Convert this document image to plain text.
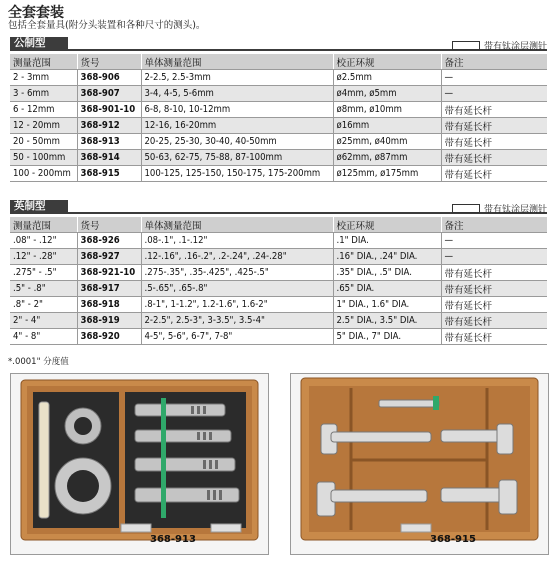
全套套装
包括全套量具(附分头装置和各种尺寸的测头)。
公制型	带有钛涂层测针
测量范围	货号	单体测量范围	校正环规	备注
2 - 3mm	368-906	2-2.5, 2.5-3mm	ø2.5mm	—
3 - 6mm	368-907	3-4, 4-5, 5-6mm	ø4mm, ø5mm	—
6 - 12mm	368-901-10	6-8, 8-10, 10-12mm	ø8mm, ø10mm	带有延长杆
12 - 20mm	368-912	12-16, 16-20mm	ø16mm	带有延长杆
20 - 50mm	368-913	20-25, 25-30, 30-40, 40-50mm	ø25mm, ø40mm	带有延长杆
50 - 100mm	368-914	50-63, 62-75, 75-88, 87-100mm	ø62mm, ø87mm	带有延长杆
100 - 200mm	368-915	100-125, 125-150, 150-175, 175-200mm	ø125mm, ø175mm	带有延长杆
英制型	带有钛涂层测针
测量范围	货号	单体测量范围	校正环规	备注
.08" - .12"	368-926	.08-.1", .1-.12"	.1" DIA.	—
.12" - .28"	368-927	.12-.16", .16-.2", .2-.24", .24-.28"	.16" DIA., .24" DIA.	—
.275" - .5"	368-921-10	.275-.35", .35-.425", .425-.5"	.35" DIA., .5" DIA.	带有延长杆
.5" - .8"	368-917	.5-.65", .65-.8"	.65" DIA.	带有延长杆
.8" - 2"	368-918	.8-1", 1-1.2", 1.2-1.6", 1.6-2"	1" DIA., 1.6" DIA.	带有延长杆
2" - 4"	368-919	2-2.5", 2.5-3", 3-3.5", 3.5-4"	2.5" DIA., 3.5" DIA.	带有延长杆
4" - 8"	368-920	4-5", 5-6", 6-7", 7-8"	5" DIA., 7" DIA.	带有延长杆
*.0001" 分度值
368-913	368-915
